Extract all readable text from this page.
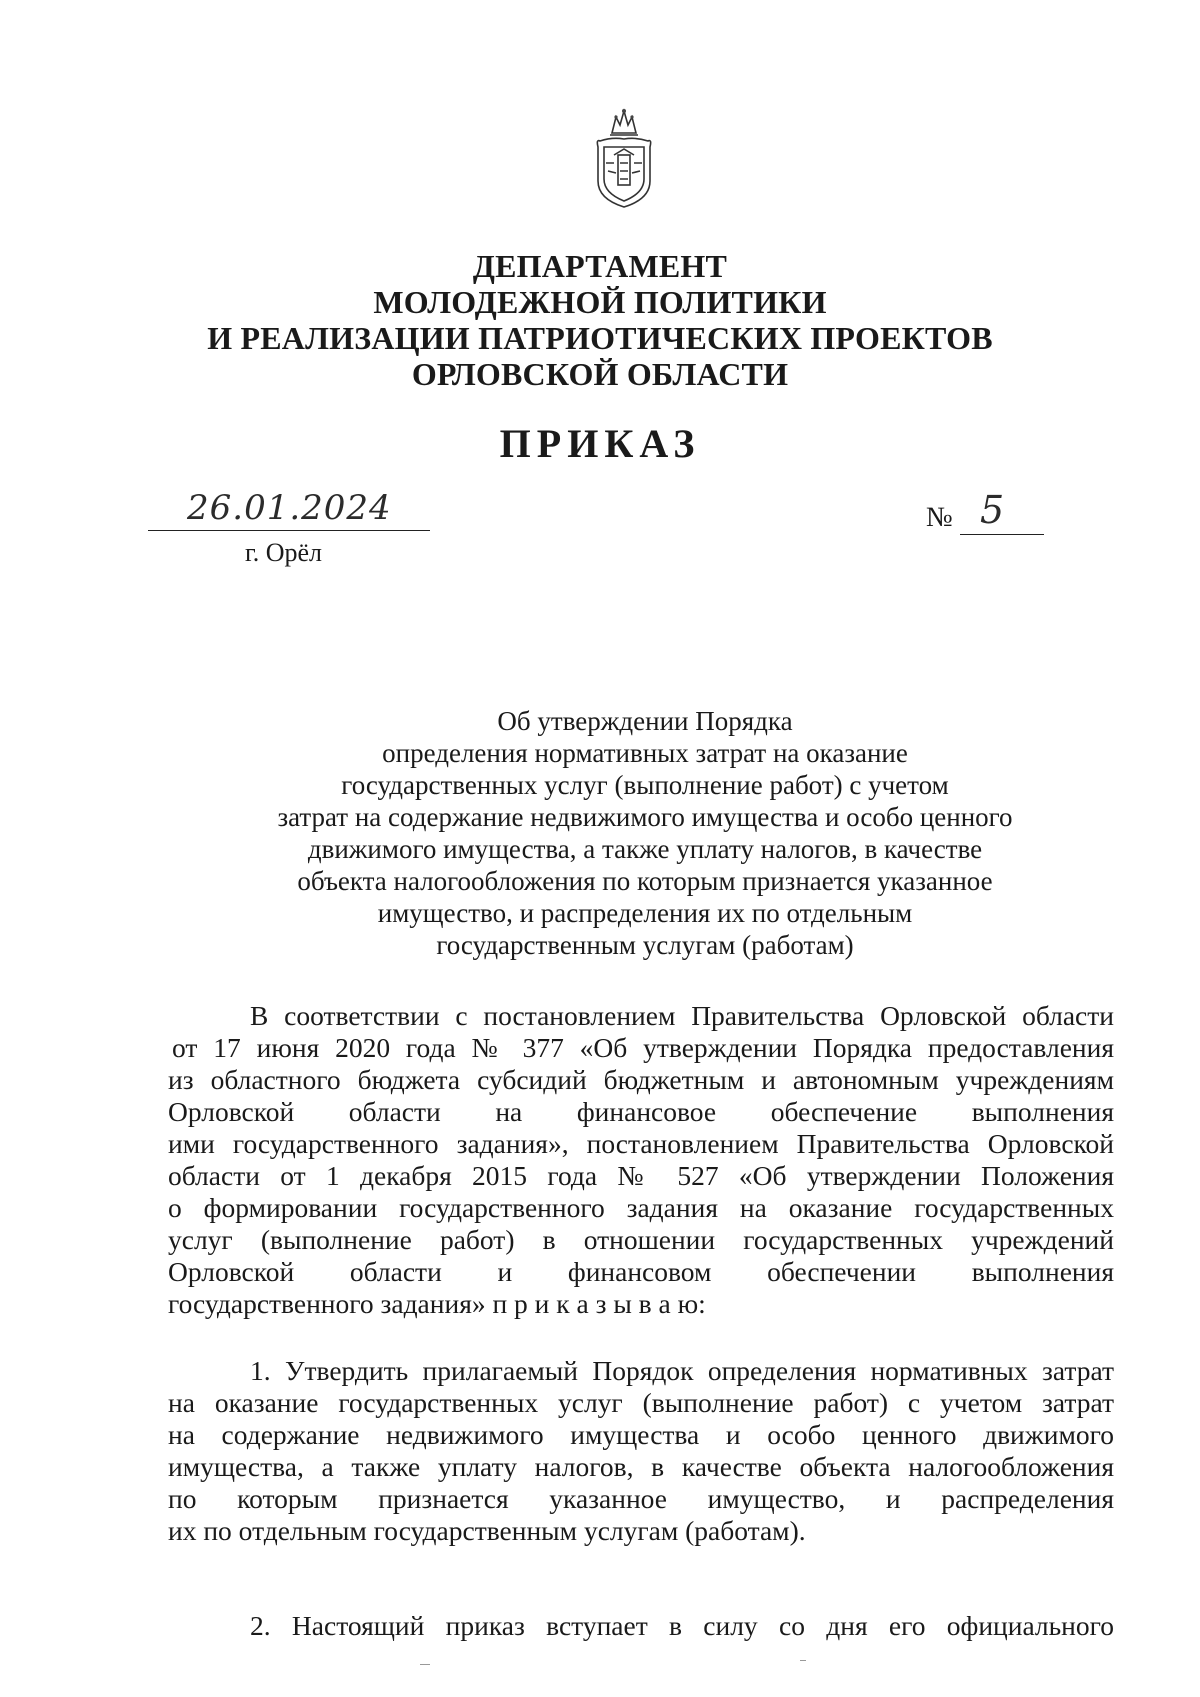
ДЕПАРТАМЕНТ
МОЛОДЕЖНОЙ ПОЛИТИКИ
И РЕАЛИЗАЦИИ ПАТРИОТИЧЕСКИХ ПРОЕКТОВ
ОРЛОВСКОЙ ОБЛАСТИ
ПРИКАЗ
26.01.2024
г. Орёл
№ 5
Об утверждении Порядка
определения нормативных затрат на оказание
государственных услуг (выполнение работ) с учетом
затрат на содержание недвижимого имущества и особо ценного
движимого имущества, а также уплату налогов, в качестве
объекта налогообложения по которым признается указанное
имущество, и распределения их по отдельным
государственным услугам (работам)
В соответствии с постановлением Правительства Орловской области
от 17 июня 2020 года № 377 «Об утверждении Порядка предоставления
из областного бюджета субсидий бюджетным и автономным учреждениям
Орловской области на финансовое обеспечение выполнения
ими государственного задания», постановлением Правительства Орловской
области от 1 декабря 2015 года № 527 «Об утверждении Положения
о формировании государственного задания на оказание государственных
услуг (выполнение работ) в отношении государственных учреждений
Орловской области и финансовом обеспечении выполнения
государственного задания» п р и к а з ы в а ю:
1. Утвердить прилагаемый Порядок определения нормативных затрат
на оказание государственных услуг (выполнение работ) с учетом затрат
на содержание недвижимого имущества и особо ценного движимого
имущества, а также уплату налогов, в качестве объекта налогообложения
по которым признается указанное имущество, и распределения
их по отдельным государственным услугам (работам).
2. Настоящий приказ вступает в силу со дня его официального
